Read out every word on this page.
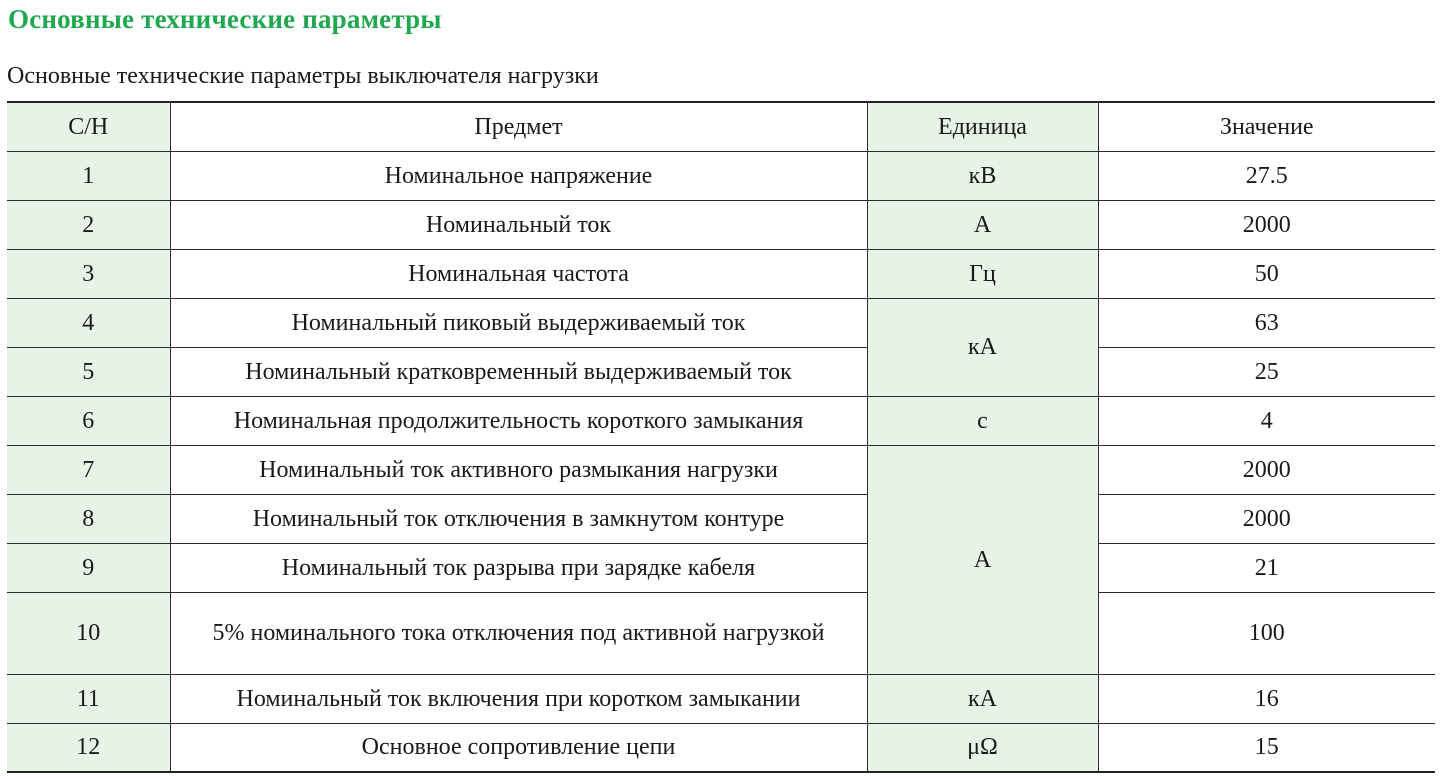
Основные технические параметры
Основные технические параметры выключателя нагрузки
С/Н	Предмет	Единица	Значение
1	Номинальное напряжение	кВ	27.5
2	Номинальный ток	А	2000
3	Номинальная частота	Гц	50
4	Номинальный пиковый выдерживаемый ток	кА	63
5	Номинальный кратковременный выдерживаемый ток		25
6	Номинальная продолжительность короткого замыкания	с	4
7	Номинальный ток активного размыкания нагрузки	А	2000
8	Номинальный ток отключения в замкнутом контуре		2000
9	Номинальный ток разрыва при зарядке кабеля		21
10	5% номинального тока отключения под активной нагрузкой		100
11	Номинальный ток включения при коротком замыкании	кА	16
12	Основное сопротивление цепи	μΩ	15
